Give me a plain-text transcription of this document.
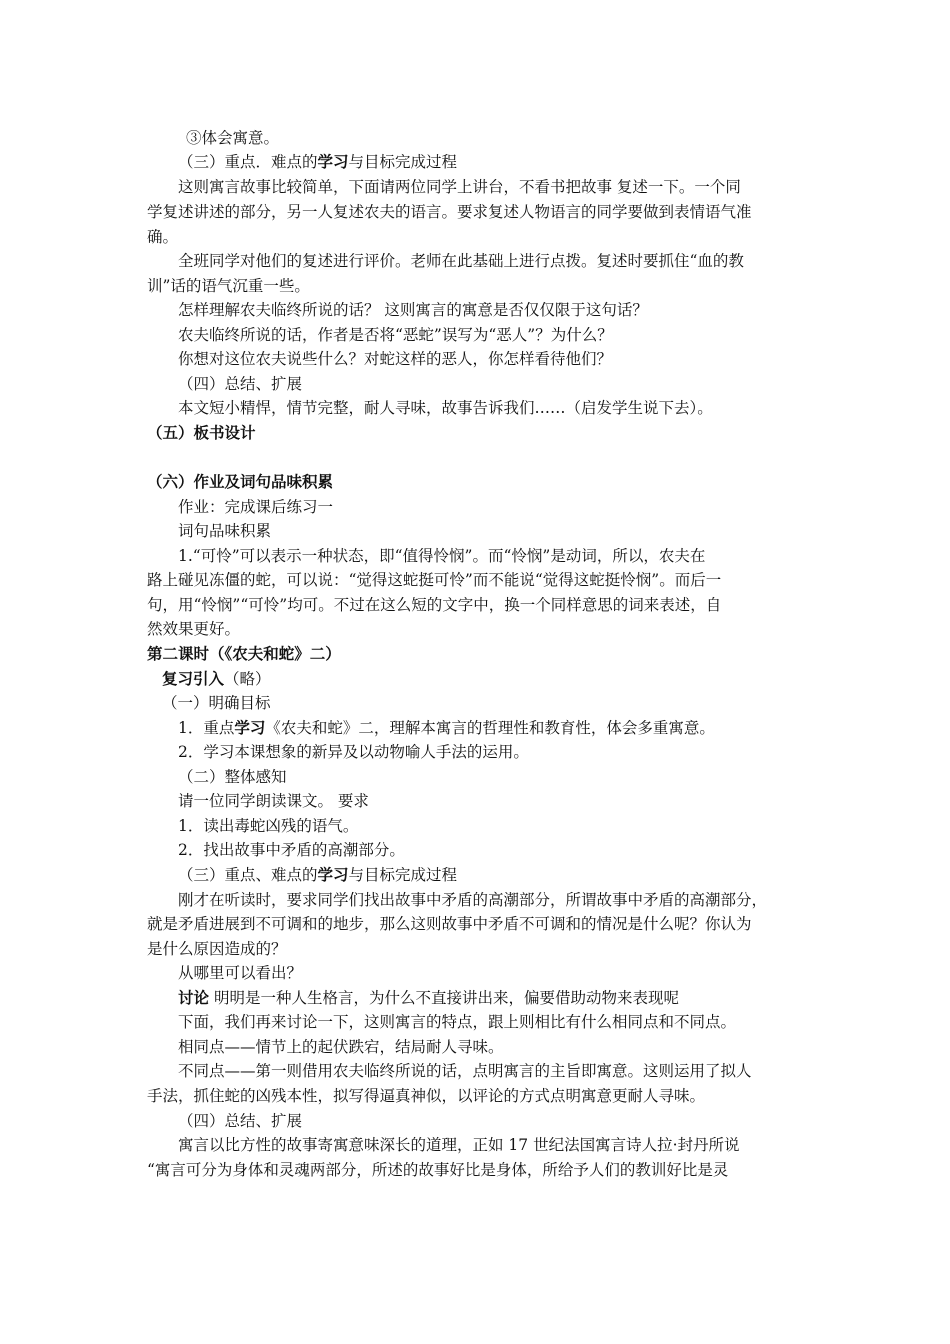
③体会寓意。
（三）重点．难点的学习与目标完成过程
这则寓言故事比较简单，下面请两位同学上讲台，不看书把故事 复述一下。一个同
学复述讲述的部分，另一人复述农夫的语言。要求复述人物语言的同学要做到表情语气准
确。
全班同学对他们的复述进行评价。老师在此基础上进行点拨。复述时要抓住“血的教
训”话的语气沉重一些。
怎样理解农夫临终所说的话？ 这则寓言的寓意是否仅仅限于这句话？
农夫临终所说的话，作者是否将“恶蛇”误写为“恶人”？为什么？
你想对这位农夫说些什么？对蛇这样的恶人，你怎样看待他们？
（四）总结、扩展
本文短小精悍，情节完整，耐人寻味，故事告诉我们……（启发学生说下去）。
（五）板书设计
（六）作业及词句品味积累
作业：完成课后练习一
词句品味积累
1.“可怜”可以表示一种状态，即“值得怜悯”。而“怜悯”是动词，所以，农夫在
路上碰见冻僵的蛇，可以说：“觉得这蛇挺可怜”而不能说“觉得这蛇挺怜悯”。而后一
句，用“怜悯”“可怜”均可。不过在这么短的文字中，换一个同样意思的词来表述，自
然效果更好。
第二课时（《农夫和蛇》二）
复习引入（略）
（一）明确目标
1．重点学习《农夫和蛇》二，理解本寓言的哲理性和教育性，体会多重寓意。
2．学习本课想象的新异及以动物喻人手法的运用。
（二）整体感知
请一位同学朗读课文。 要求
1．读出毒蛇凶残的语气。
2．找出故事中矛盾的高潮部分。
（三）重点、难点的学习与目标完成过程
刚才在听读时，要求同学们找出故事中矛盾的高潮部分，所谓故事中矛盾的高潮部分，
就是矛盾进展到不可调和的地步，那么这则故事中矛盾不可调和的情况是什么呢？你认为
是什么原因造成的？
从哪里可以看出？
讨论 明明是一种人生格言，为什么不直接讲出来，偏要借助动物来表现呢
下面，我们再来讨论一下，这则寓言的特点，跟上则相比有什么相同点和不同点。
相同点——情节上的起伏跌宕，结局耐人寻味。
不同点——第一则借用农夫临终所说的话，点明寓言的主旨即寓意。这则运用了拟人
手法，抓住蛇的凶残本性，拟写得逼真神似，以评论的方式点明寓意更耐人寻味。
（四）总结、扩展
寓言以比方性的故事寄寓意味深长的道理，正如 17 世纪法国寓言诗人拉·封丹所说
“寓言可分为身体和灵魂两部分，所述的故事好比是身体，所给予人们的教训好比是灵
